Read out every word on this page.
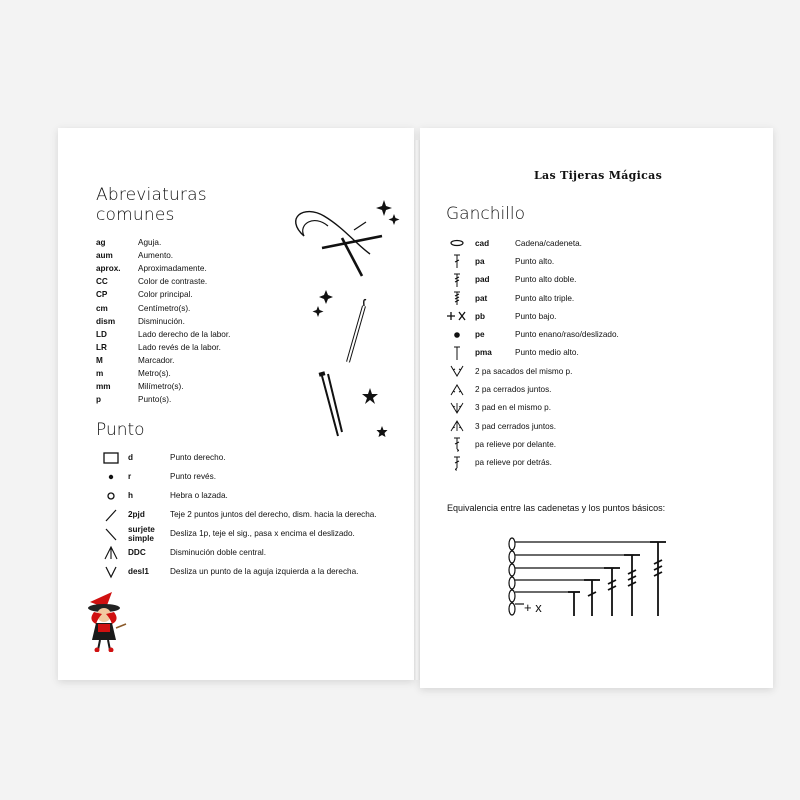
Abreviaturas
comunes
ag	Aguja.
aum	Aumento.
aprox.	Aproximadamente.
CC	Color de contraste.
CP	Color principal.
cm	Centímetro(s).
dism	Disminución.
LD	Lado derecho de la labor.
LR	Lado revés de la labor.
M	Marcador.
m	Metro(s).
mm	Milímetro(s).
p	Punto(s).
Punto
d	Punto derecho.
r	Punto revés.
h	Hebra o lazada.
2pjd	Teje 2 puntos juntos del derecho, dism. hacia la derecha.
surjete simple	Desliza 1p, teje el sig., pasa x encima el deslizado.
DDC	Disminución doble central.
desl1	Desliza un punto de la aguja izquierda a la derecha.
Las Tijeras Mágicas
Ganchillo
cad	Cadena/cadeneta.
pa	Punto alto.
pad	Punto alto doble.
pat	Punto alto triple.
pb	Punto bajo.
pe	Punto enano/raso/deslizado.
pma	Punto medio alto.
2 pa sacados del mismo p.
2 pa cerrados juntos.
3 pad en el mismo p.
3 pad cerrados juntos.
pa relieve por delante.
pa relieve por detrás.
Equivalencia entre las cadenetas y los puntos básicos:
+ x
